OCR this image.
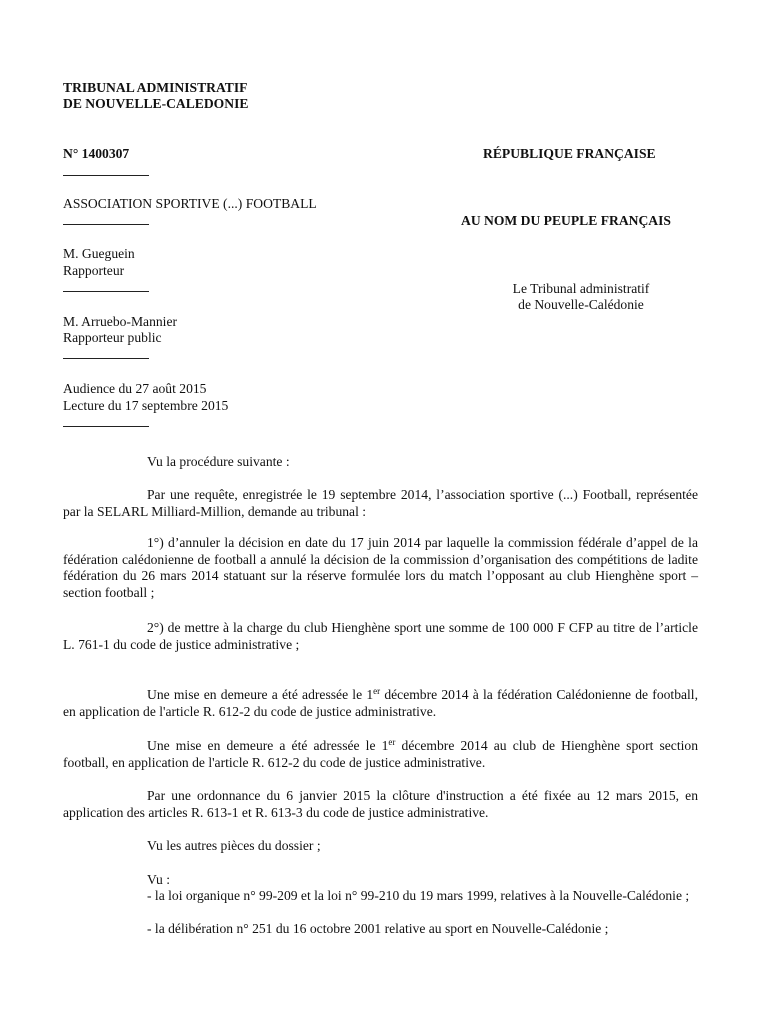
TRIBUNAL ADMINISTRATIF
DE NOUVELLE-CALEDONIE
N° 1400307
ASSOCIATION SPORTIVE (...) FOOTBALL
M. Gueguein
Rapporteur
M. Arruebo-Mannier
Rapporteur public
Audience du 27 août 2015
Lecture du 17 septembre 2015
RÉPUBLIQUE FRANÇAISE
AU NOM DU PEUPLE FRANÇAIS
Le Tribunal administratif
de Nouvelle-Calédonie
Vu la procédure suivante :
Par une requête, enregistrée le 19 septembre 2014, l’association sportive (...) Football, représentée par la SELARL Milliard-Million, demande au tribunal :
1°) d’annuler la décision en date du 17 juin 2014 par laquelle la commission fédérale d’appel de la fédération calédonienne de football a annulé la décision de la commission d’organisation des compétitions de ladite fédération du 26 mars 2014 statuant sur la réserve formulée lors du match l’opposant au club Hienghène sport – section football ;
2°) de mettre à la charge du club Hienghène sport une somme de 100 000 F CFP au titre de l’article L. 761-1 du code de justice administrative ;
Une mise en demeure a été adressée le 1er décembre 2014 à la fédération Calédonienne de football, en application de l'article R. 612-2 du code de justice administrative.
Une mise en demeure a été adressée le 1er décembre 2014 au club de Hienghène sport section football, en application de l'article R. 612-2 du code de justice administrative.
Par une ordonnance du 6 janvier 2015 la clôture d'instruction a été fixée au 12 mars 2015, en application des articles R. 613-1 et R. 613-3 du code de justice administrative.
Vu les autres pièces du dossier ;
Vu :
- la loi organique n° 99-209 et la loi n° 99-210 du 19 mars 1999, relatives à la Nouvelle-Calédonie ;
- la délibération n° 251 du 16 octobre 2001 relative au sport en Nouvelle-Calédonie ;
